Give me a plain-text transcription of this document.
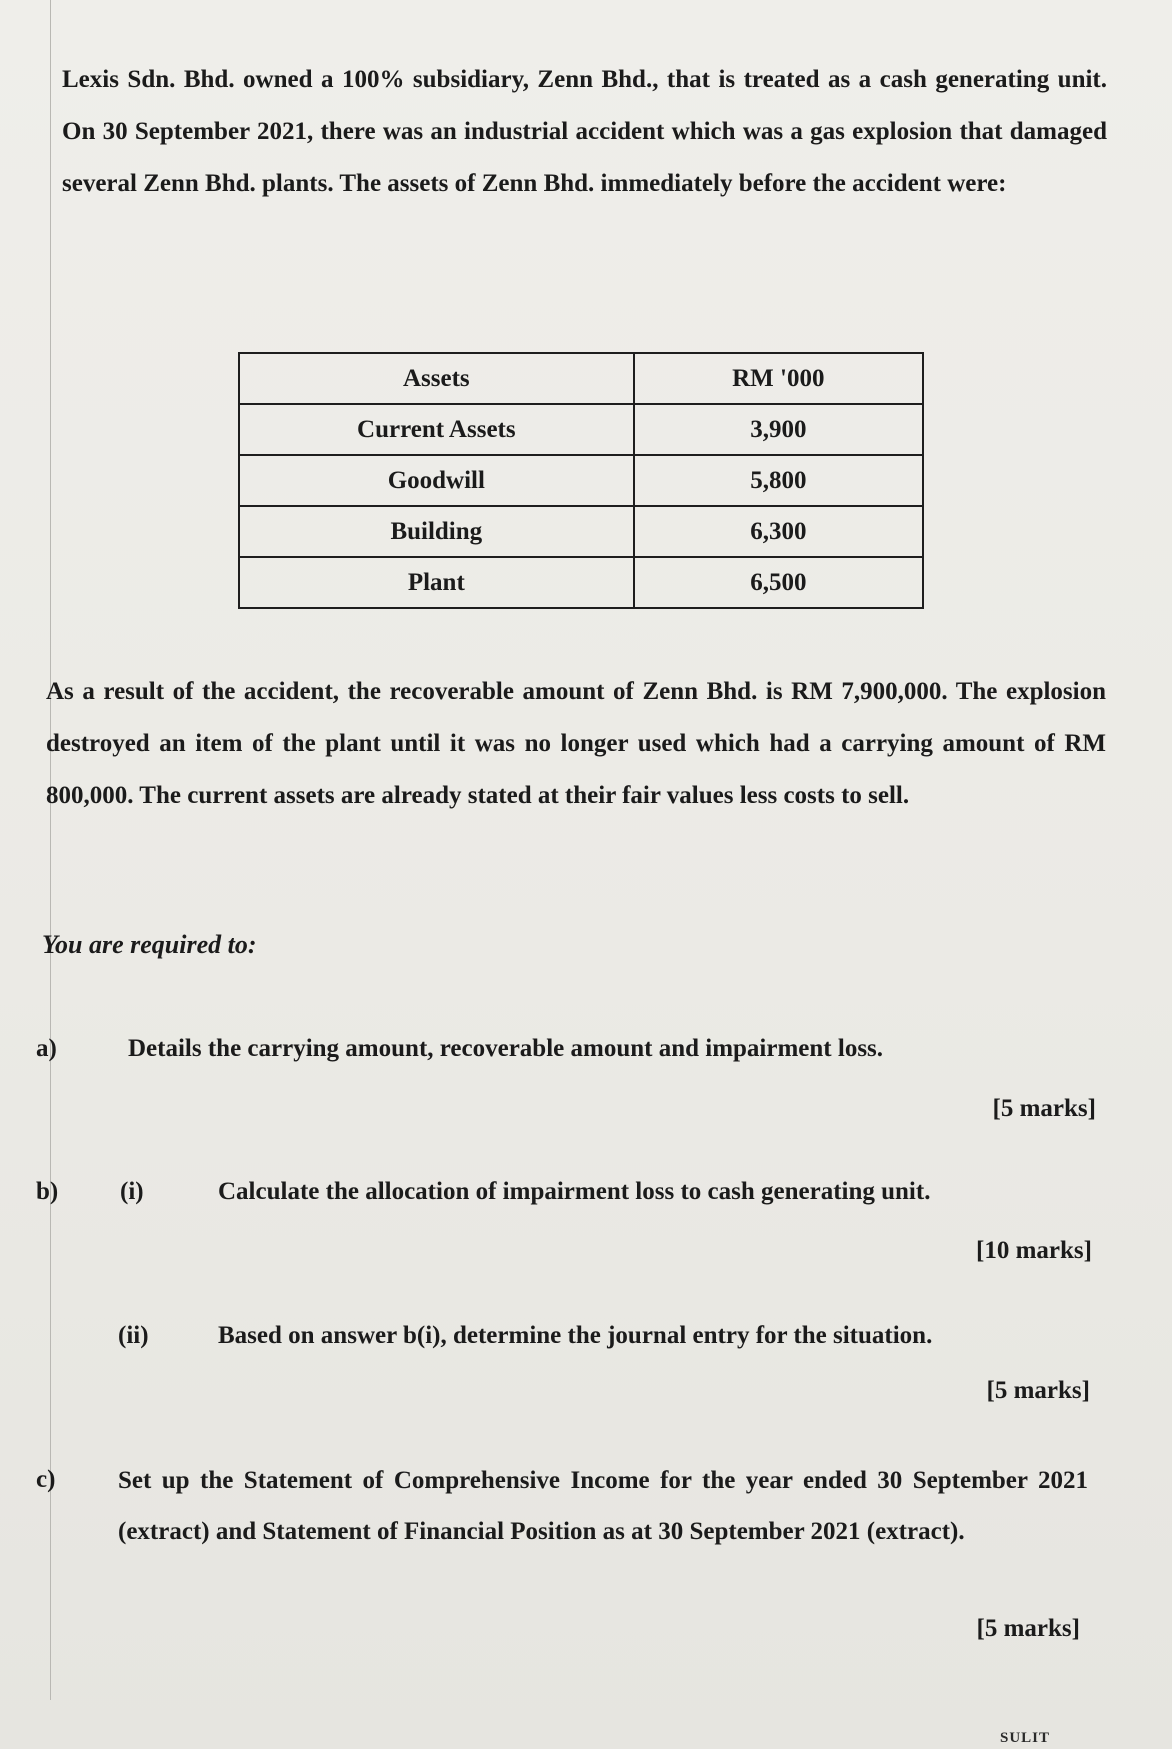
Lexis Sdn. Bhd. owned a 100% subsidiary, Zenn Bhd., that is treated as a cash generating unit. On 30 September 2021, there was an industrial accident which was a gas explosion that damaged several Zenn Bhd. plants. The assets of Zenn Bhd. immediately before the accident were:
Assets	RM '000
Current Assets	3,900
Goodwill	5,800
Building	6,300
Plant	6,500
As a result of the accident, the recoverable amount of Zenn Bhd. is RM 7,900,000. The explosion destroyed an item of the plant until it was no longer used which had a carrying amount of RM 800,000. The current assets are already stated at their fair values less costs to sell.
You are required to:
a)	Details the carrying amount, recoverable amount and impairment loss.
[5 marks]
b) (i)	Calculate the allocation of impairment loss to cash generating unit.
[10 marks]
(ii)	Based on answer b(i), determine the journal entry for the situation.
[5 marks]
c)	Set up the Statement of Comprehensive Income for the year ended 30 September 2021 (extract) and Statement of Financial Position as at 30 September 2021 (extract).
[5 marks]
SULIT
